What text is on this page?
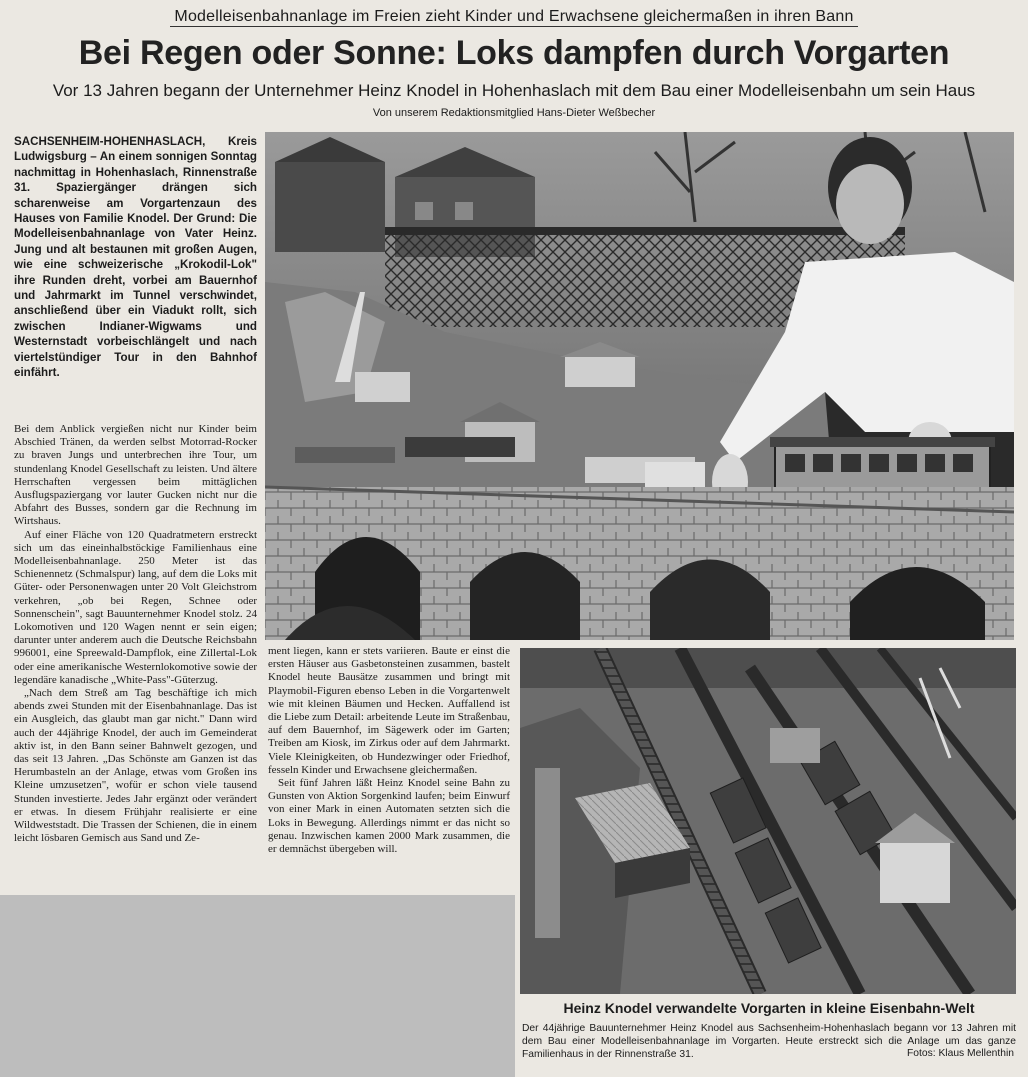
Modelleisenbahnanlage im Freien zieht Kinder und Erwachsene gleichermaßen in ihren Bann
Bei Regen oder Sonne: Loks dampfen durch Vorgarten
Vor 13 Jahren begann der Unternehmer Heinz Knodel in Hohenhaslach mit dem Bau einer Modelleisenbahn um sein Haus
Von unserem Redaktionsmitglied Hans-Dieter Weßbecher
SACHSENHEIM-HOHENHASLACH, Kreis Ludwigsburg – An einem sonnigen Sonntag nachmittag in Hohenhaslach, Rinnenstraße 31. Spaziergänger drängen sich scharenweise am Vorgartenzaun des Hauses von Familie Knodel. Der Grund: Die Modelleisenbahnanlage von Vater Heinz. Jung und alt bestaunen mit großen Augen, wie eine schweizerische „Krokodil-Lok" ihre Runden dreht, vorbei am Bauernhof und Jahrmarkt im Tunnel verschwindet, anschließend über ein Viadukt rollt, sich zwischen Indianer-Wigwams und Westernstadt vorbeischlängelt und nach viertelstündiger Tour in den Bahnhof einfährt.

Bei dem Anblick vergießen nicht nur Kinder beim Abschied Tränen, da werden selbst Motorrad-Rocker zu braven Jungs und unterbrechen ihre Tour, um stundenlang Knodel Gesellschaft zu leisten. Und ältere Herrschaften vergessen beim mittäglichen Ausflugspaziergang vor lauter Gucken nicht nur die Abfahrt des Busses, sondern gar die Rechnung im Wirtshaus.

Auf einer Fläche von 120 Quadratmetern erstreckt sich um das eineinhalbstöckige Familienhaus eine Modelleisenbahnanlage. 250 Meter ist das Schienennetz (Schmalspur) lang, auf dem die Loks mit Güter- oder Personenwagen unter 20 Volt Gleichstrom verkehren, „ob bei Regen, Schnee oder Sonnenschein", sagt Bauunternehmer Knodel stolz. 24 Lokomotiven und 120 Wagen nennt er sein eigen; darunter unter anderem auch die Deutsche Reichsbahn 996001, eine Spreewald-Dampflok, eine Zillertal-Lok oder eine amerikanische Westernlokomotive sowie der legendäre kanadische „White-Pass"-Güterzug.

„Nach dem Streß am Tag beschäftige ich mich abends zwei Stunden mit der Eisenbahnanlage. Das ist ein Ausgleich, das glaubt man gar nicht." Dann wird auch der 44jährige Knodel, der auch im Gemeinderat aktiv ist, in den Bann seiner Bahnwelt gezogen, und das seit 13 Jahren. „Das Schönste am Ganzen ist das Herumbasteln an der Anlage, etwas vom Großen ins Kleine umzusetzen", wofür er schon viele tausend Stunden investierte. Jedes Jahr ergänzt oder verändert er etwas. In diesem Frühjahr realisierte er eine Wildweststadt. Die Trassen der Schienen, die in einem leicht lösbaren Gemisch aus Sand und Ze-

ment liegen, kann er stets variieren. Baute er einst die ersten Häuser aus Gasbetonsteinen zusammen, bastelt Knodel heute Bausätze zusammen und bringt mit Playmobil-Figuren ebenso Leben in die Vorgartenwelt wie mit kleinen Bäumen und Hecken. Auffallend ist die Liebe zum Detail: arbeitende Leute im Straßenbau, auf dem Bauernhof, im Sägewerk oder im Garten; Treiben am Kiosk, im Zirkus oder auf dem Jahrmarkt. Viele Kleinigkeiten, ob Hundezwinger oder Friedhof, fesseln Kinder und Erwachsene gleichermaßen.

Seit fünf Jahren läßt Heinz Knodel seine Bahn zu Gunsten von Aktion Sorgenkind laufen; beim Einwurf von einer Mark in einen Automaten setzten sich die Loks in Bewegung. Allerdings nimmt er das nicht so genau. Inzwischen kamen 2000 Mark zusammen, die er demnächst übergeben will.

Heinz Knodel verwandelte Vorgarten in kleine Eisenbahn-Welt
Der 44jährige Bauunternehmer Heinz Knodel aus Sachsenheim-Hohenhaslach begann vor 13 Jahren mit dem Bau einer Modelleisenbahnanlage im Vorgarten. Heute erstreckt sich die Anlage um das ganze Familienhaus in der Rinnenstraße 31.	Fotos: Klaus Mellenthin
